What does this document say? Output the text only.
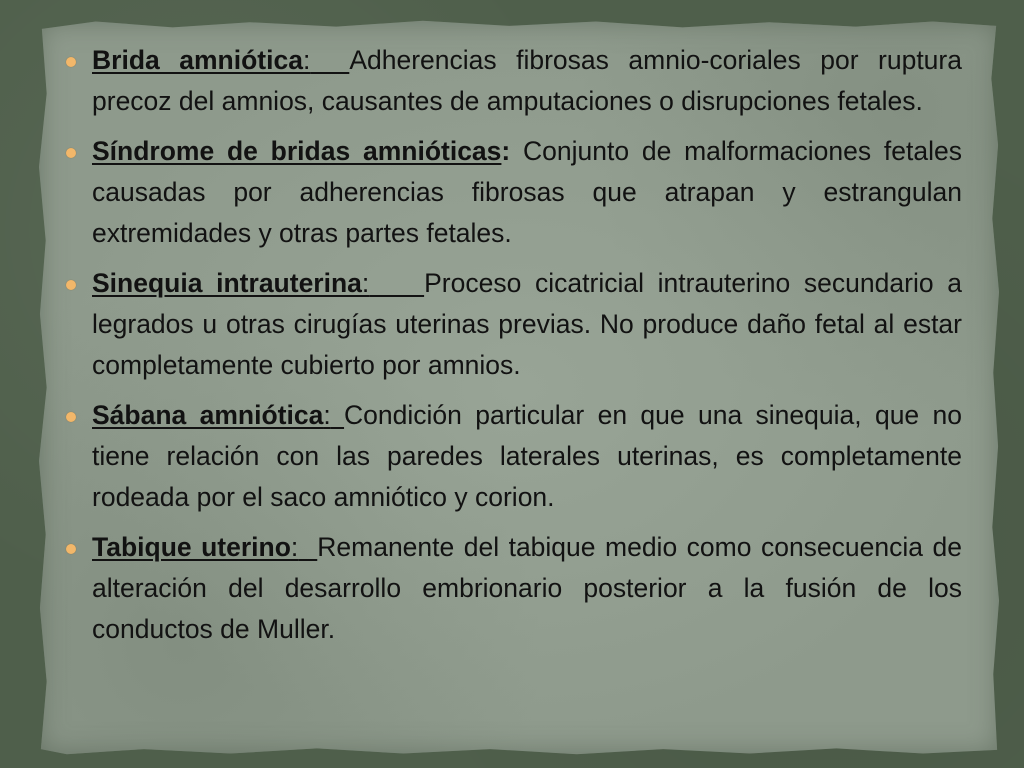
Brida amniótica: Adherencias fibrosas amnio-coriales por ruptura precoz del amnios, causantes de amputaciones o disrupciones fetales.
Síndrome de bridas amnióticas: Conjunto de malformaciones fetales causadas por adherencias fibrosas que atrapan y estrangulan extremidades y otras partes fetales.
Sinequia intrauterina: Proceso cicatricial intrauterino secundario a legrados u otras cirugías uterinas previas. No produce daño fetal al estar completamente cubierto por amnios.
Sábana amniótica: Condición particular en que una sinequia, que no tiene relación con las paredes laterales uterinas, es completamente rodeada por el saco amniótico y corion.
Tabique uterino: Remanente del tabique medio como consecuencia de alteración del desarrollo embrionario posterior a la fusión de los conductos de Muller.
